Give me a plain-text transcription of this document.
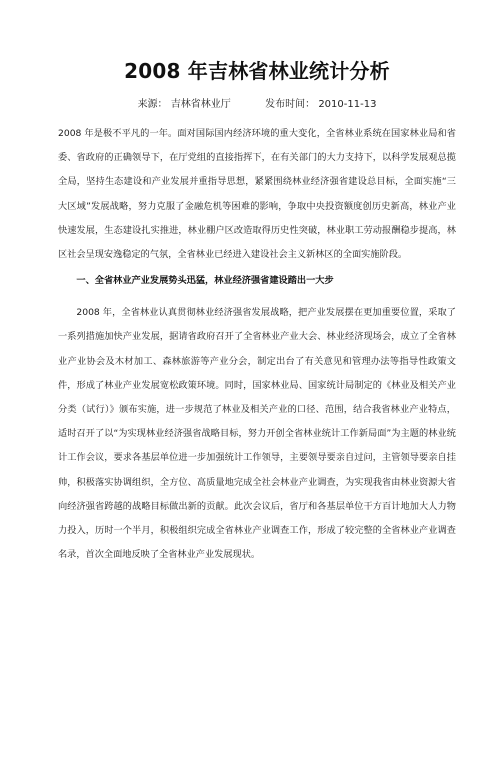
2008 年吉林省林业统计分析
来源： 吉林省林业厅	发布时间： 2010-11-13

2008 年是极不平凡的一年。面对国际国内经济环境的重大变化，全省林业系统在国家林业局和省委、省政府的正确领导下，在厅党组的直接指挥下，在有关部门的大力支持下，以科学发展观总揽全局，坚持生态建设和产业发展并重指导思想，紧紧围绕林业经济强省建设总目标，全面实施“三大区域”发展战略，努力克服了金融危机等困难的影响，争取中央投资额度创历史新高，林业产业快速发展，生态建设扎实推进，林业棚户区改造取得历史性突破，林业职工劳动报酬稳步提高，林区社会呈现安逸稳定的气氛，全省林业已经进入建设社会主义新林区的全面实施阶段。

一、全省林业产业发展势头迅猛，林业经济强省建设踏出一大步

2008 年，全省林业认真贯彻林业经济强省发展战略，把产业发展摆在更加重要位置，采取了一系列措施加快产业发展，据请省政府召开了全省林业产业大会、林业经济现场会，成立了全省林业产业协会及木材加工、森林旅游等产业分会，制定出台了有关意见和管理办法等指导性政策文件，形成了林业产业发展宽松政策环境。同时，国家林业局、国家统计局制定的《林业及相关产业分类（试行）》颁布实施，进一步规范了林业及相关产业的口径、范围，结合我省林业产业特点，适时召开了以“为实现林业经济强省战略目标，努力开创全省林业统计工作新局面”为主题的林业统计工作会议，要求各基层单位进一步加强统计工作领导，主要领导要亲自过问，主管领导要亲自挂帅，积极落实协调组织，全方位、高质量地完成全社会林业产业调查，为实现我省由林业资源大省向经济强省跨越的战略目标做出新的贡献。此次会议后，省厅和各基层单位干方百计地加大人力物力投入，历时一个半月，积极组织完成全省林业产业调查工作，形成了较完整的全省林业产业调查名录，首次全面地反映了全省林业产业发展现状。
